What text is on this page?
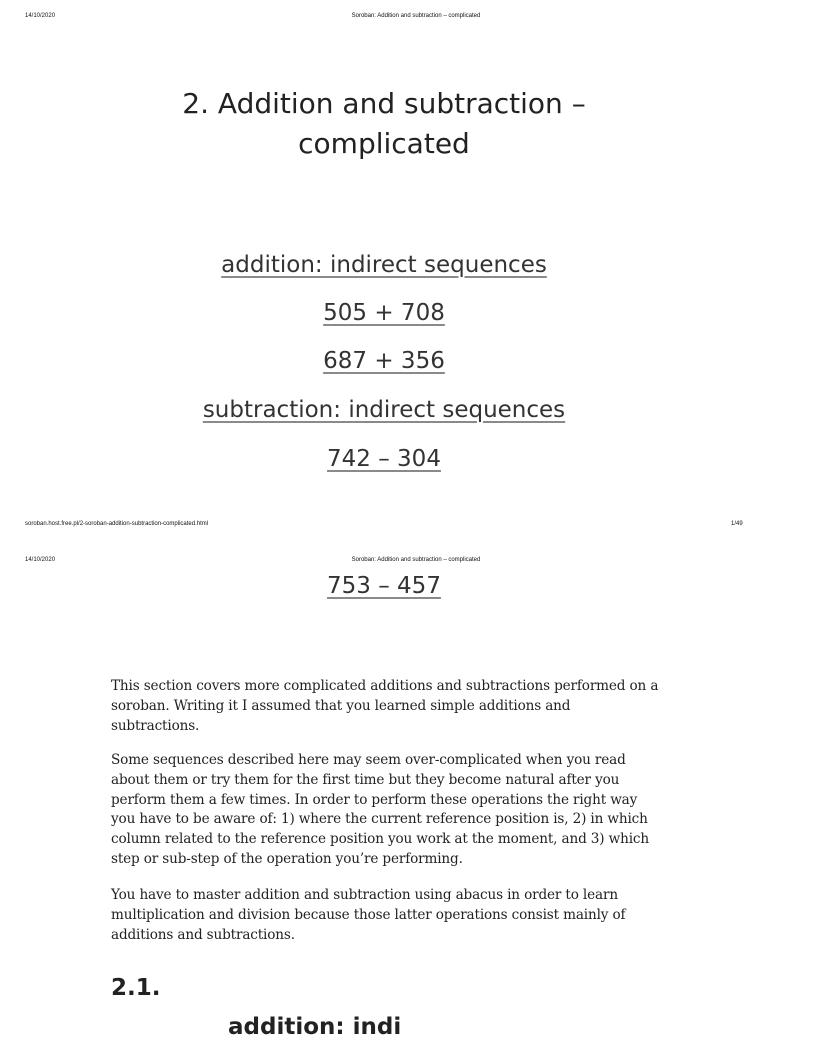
14/10/2020	Soroban: Addition and subtraction – complicated
2. Addition and subtraction –
complicated
addition: indirect sequences
505 + 708
687 + 356
subtraction: indirect sequences
742 – 304
soroban.host.free.pl/2-soroban-addition-subtraction-complicated.html	1/49
14/10/2020	Soroban: Addition and subtraction – complicated
753 – 457

This section covers more complicated additions and subtractions performed on a soroban. Writing it I assumed that you learned simple additions and subtractions.

Some sequences described here may seem over-complicated when you read about them or try them for the first time but they become natural after you perform them a few times. In order to perform these operations the right way you have to be aware of: 1) where the current reference position is, 2) in which column related to the reference position you work at the moment, and 3) which step or sub-step of the operation you’re performing.

You have to master addition and subtraction using abacus in order to learn multiplication and division because those latter operations consist mainly of additions and subtractions.

2.1.
addition: indi
